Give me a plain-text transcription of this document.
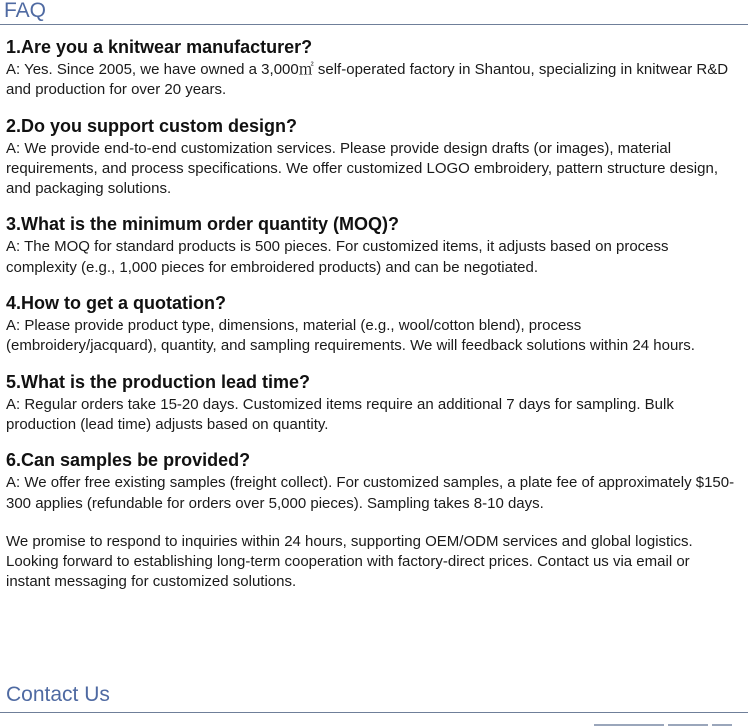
FAQ
1.Are you a knitwear manufacturer?

A: Yes. Since 2005, we have owned a 3,000㎡ self-operated factory in Shantou, specializing in knitwear R&D and production for over 20 years.

2.Do you support custom design?

A: We provide end-to-end customization services. Please provide design drafts (or images), material requirements, and process specifications. We offer customized LOGO embroidery, pattern structure design, and packaging solutions.

3.What is the minimum order quantity (MOQ)?

A: The MOQ for standard products is 500 pieces. For customized items, it adjusts based on process complexity (e.g., 1,000 pieces for embroidered products) and can be negotiated.

4.How to get a quotation?

A: Please provide product type, dimensions, material (e.g., wool/cotton blend), process (embroidery/jacquard), quantity, and sampling requirements. We will feedback solutions within 24 hours.

5.What is the production lead time?

A: Regular orders take 15-20 days. Customized items require an additional 7 days for sampling. Bulk production (lead time) adjusts based on quantity.

6.Can samples be provided?

A: We offer free existing samples (freight collect). For customized samples, a plate fee of approximately $150-300 applies (refundable for orders over 5,000 pieces). Sampling takes 8-10 days.

We promise to respond to inquiries within 24 hours, supporting OEM/ODM services and global logistics. Looking forward to establishing long-term cooperation with factory-direct prices. Contact us via email or instant messaging for customized solutions.

Contact Us
